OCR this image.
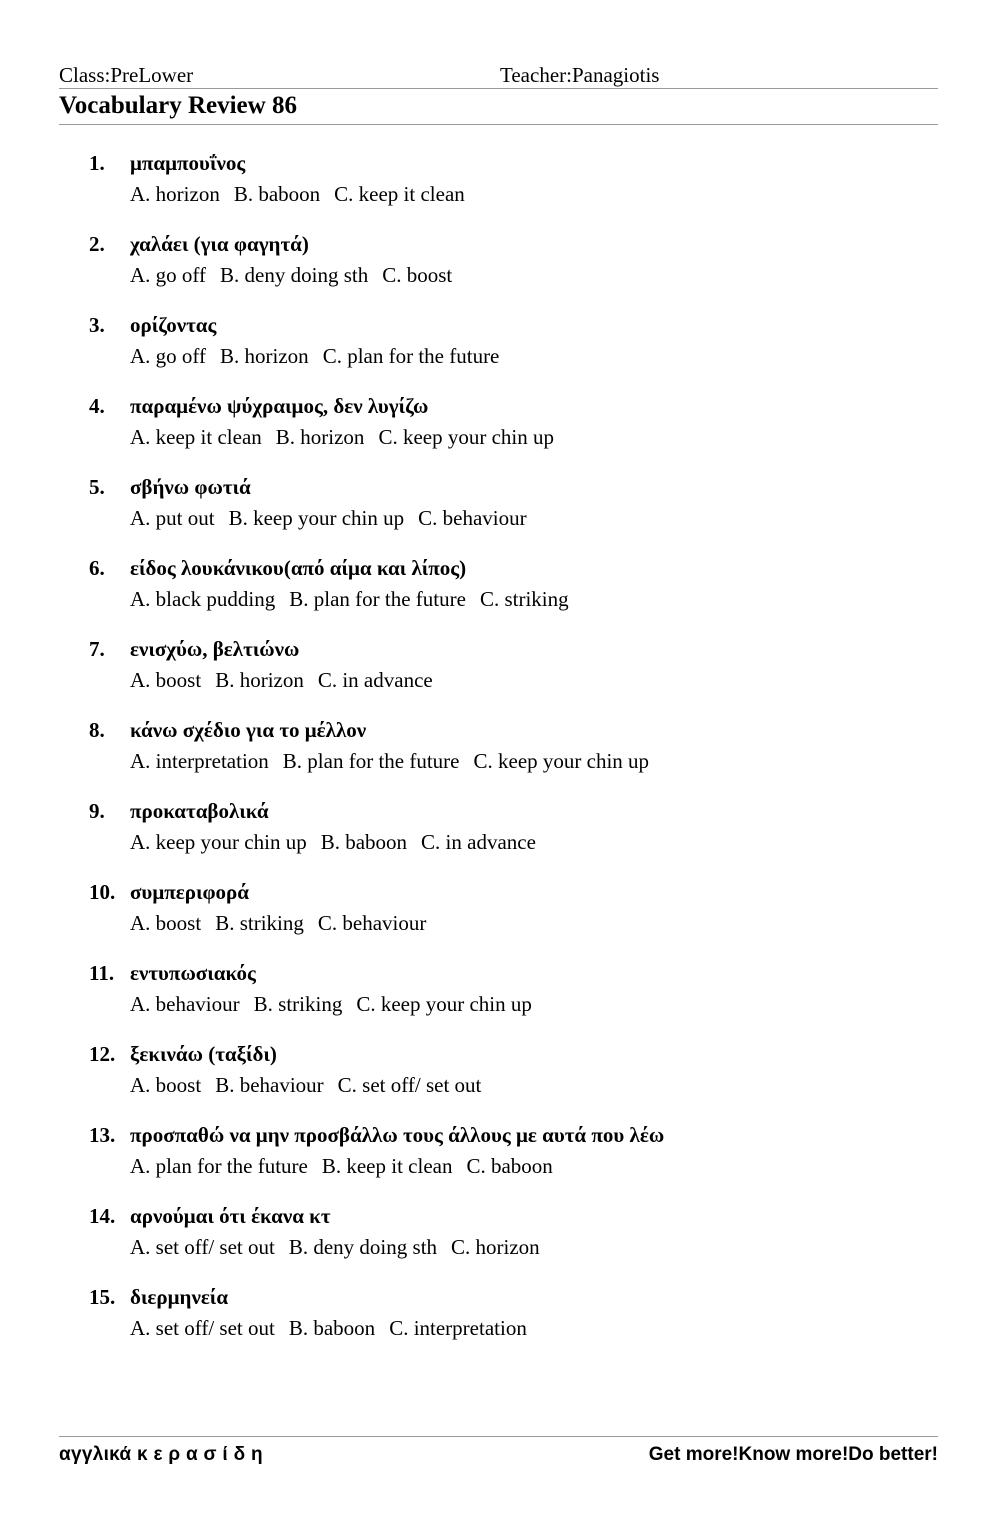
Class:PreLower	Teacher:Panagiotis
Vocabulary Review 86
1. μπαμπουΐνος
A. horizon B. baboon C. keep it clean
2. χαλάει (για φαγητά)
A. go off B. deny doing sth C. boost
3. ορίζοντας
A. go off B. horizon C. plan for the future
4. παραμένω ψύχραιμος, δεν λυγίζω
A. keep it clean B. horizon C. keep your chin up
5. σβήνω φωτιά
A. put out B. keep your chin up C. behaviour
6. είδος λουκάνικου(από αίμα και λίπος)
A. black pudding B. plan for the future C. striking
7. ενισχύω, βελτιώνω
A. boost B. horizon C. in advance
8. κάνω σχέδιο για το μέλλον
A. interpretation B. plan for the future C. keep your chin up
9. προκαταβολικά
A. keep your chin up B. baboon C. in advance
10. συμπεριφορά
A. boost B. striking C. behaviour
11. εντυπωσιακός
A. behaviour B. striking C. keep your chin up
12. ξεκινάω (ταξίδι)
A. boost B. behaviour C. set off/ set out
13. προσπαθώ να μην προσβάλλω τους άλλους με αυτά που λέω
A. plan for the future B. keep it clean C. baboon
14. αρνούμαι ότι έκανα κτ
A. set off/ set out B. deny doing sth C. horizon
15. διερμηνεία
A. set off/ set out B. baboon C. interpretation
αγγλικά κ ε ρ α σ ί δ η	Get more!Know more!Do better!
